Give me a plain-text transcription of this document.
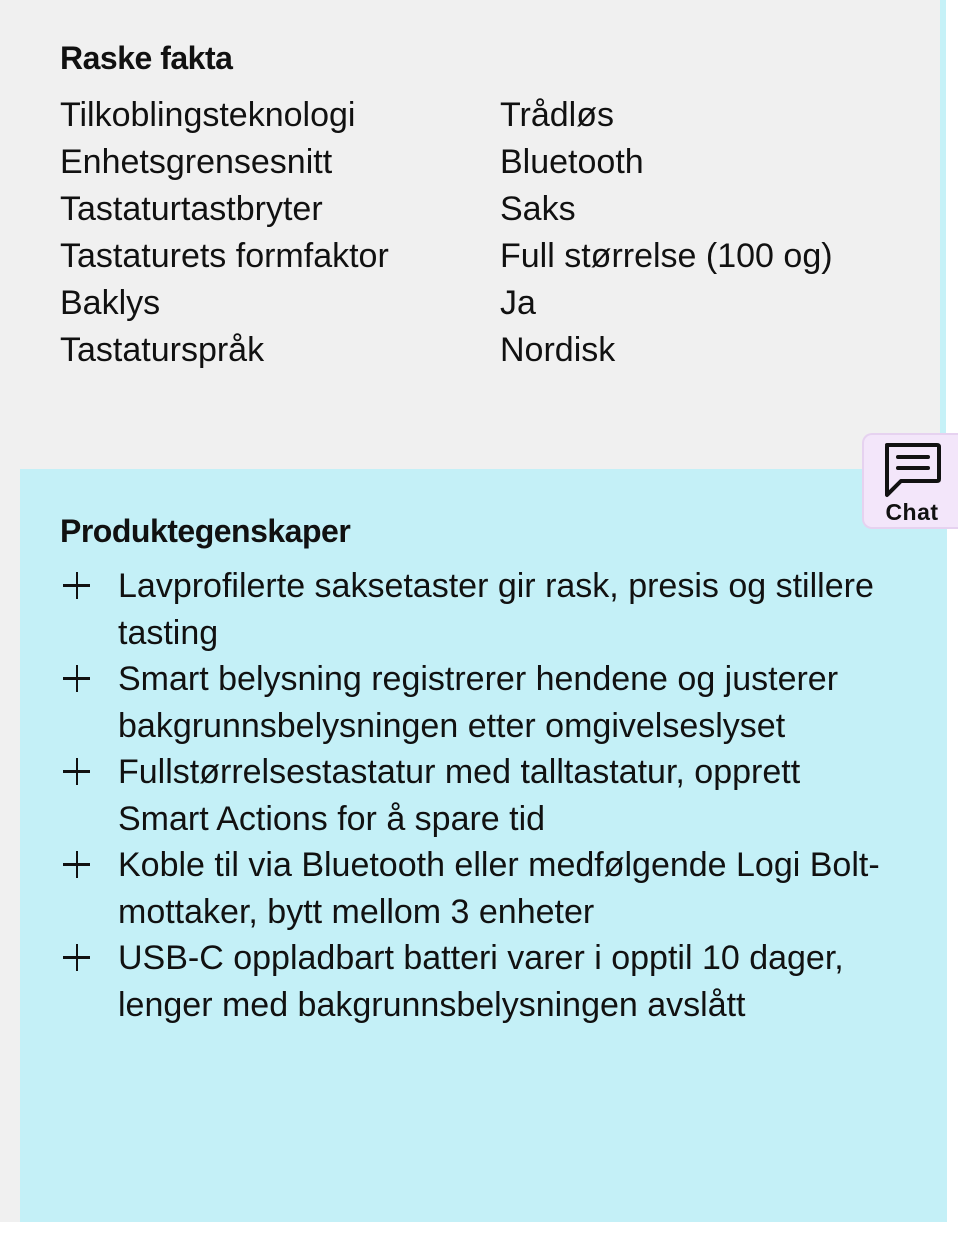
Raske fakta
Tilkoblingsteknologi	Trådløs
Enhetsgrensesnitt	Bluetooth
Tastaturtastbryter	Saks
Tastaturets formfaktor	Full størrelse (100 og)
Baklys	Ja
Tastaturspråk	Nordisk
Produktegenskaper
Lavprofilerte saksetaster gir rask, presis og stillere tasting
Smart belysning registrerer hendene og justerer bakgrunnsbelysningen etter omgivelseslyset
Fullstørrelsestastatur med talltastatur, opprett Smart Actions for å spare tid
Koble til via Bluetooth eller medfølgende Logi Bolt-mottaker, bytt mellom 3 enheter
USB-C oppladbart batteri varer i opptil 10 dager, lenger med bakgrunnsbelysningen avslått
Chat
